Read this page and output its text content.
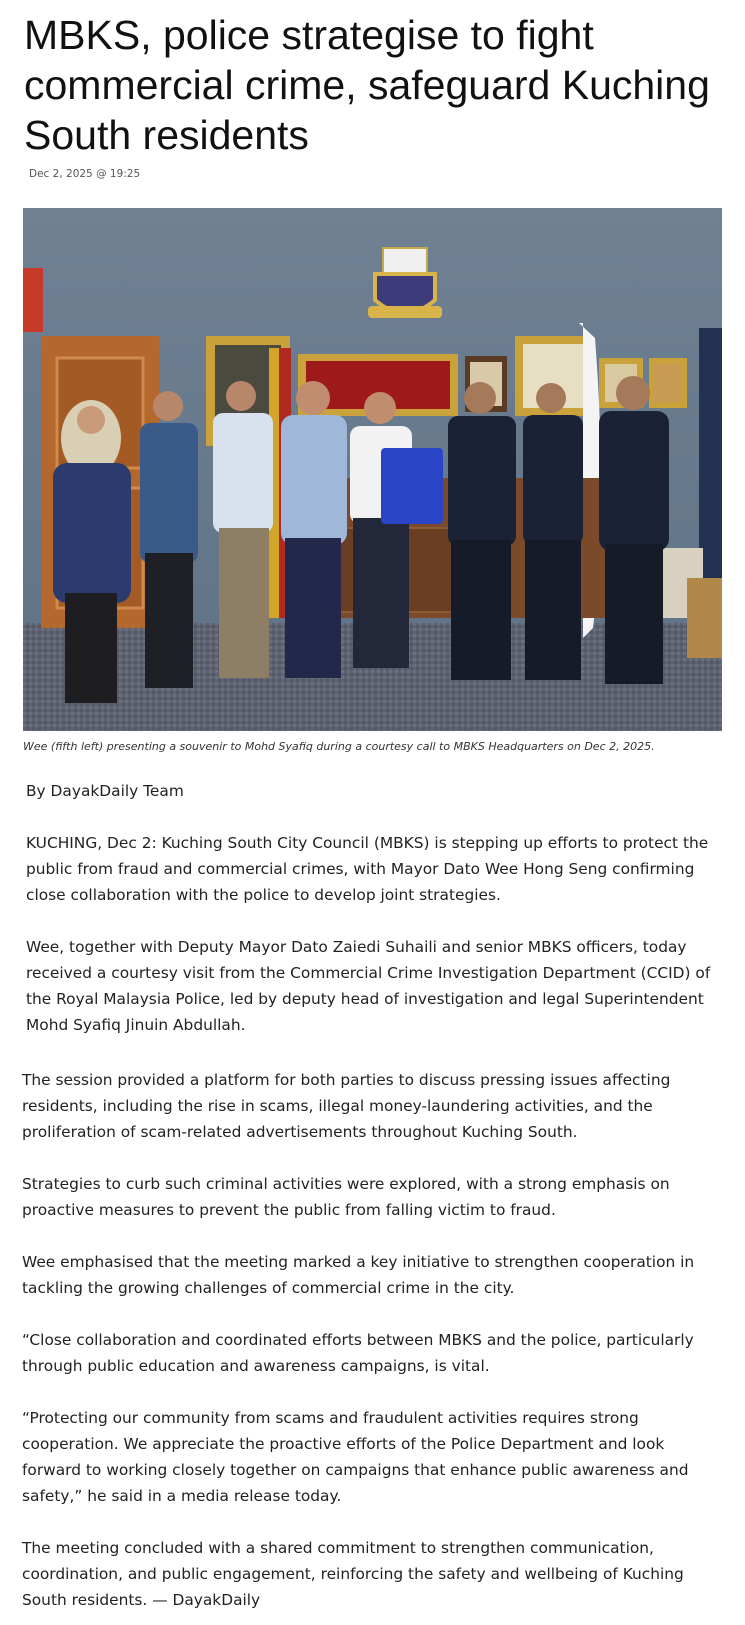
MBKS, police strategise to fight commercial crime, safeguard Kuching South residents
Dec 2, 2025 @ 19:25
Wee (fifth left) presenting a souvenir to Mohd Syafiq during a courtesy call to MBKS Headquarters on Dec 2, 2025.

By DayakDaily Team

KUCHING, Dec 2: Kuching South City Council (MBKS) is stepping up efforts to protect the public from fraud and commercial crimes, with Mayor Dato Wee Hong Seng confirming close collaboration with the police to develop joint strategies.

Wee, together with Deputy Mayor Dato Zaiedi Suhaili and senior MBKS officers, today received a courtesy visit from the Commercial Crime Investigation Department (CCID) of the Royal Malaysia Police, led by deputy head of investigation and legal Superintendent Mohd Syafiq Jinuin Abdullah.

The session provided a platform for both parties to discuss pressing issues affecting residents, including the rise in scams, illegal money-laundering activities, and the proliferation of scam-related advertisements throughout Kuching South.

Strategies to curb such criminal activities were explored, with a strong emphasis on proactive measures to prevent the public from falling victim to fraud.

Wee emphasised that the meeting marked a key initiative to strengthen cooperation in tackling the growing challenges of commercial crime in the city.

“Close collaboration and coordinated efforts between MBKS and the police, particularly through public education and awareness campaigns, is vital.

“Protecting our community from scams and fraudulent activities requires strong cooperation. We appreciate the proactive efforts of the Police Department and look forward to working closely together on campaigns that enhance public awareness and safety,” he said in a media release today.

The meeting concluded with a shared commitment to strengthen communication, coordination, and public engagement, reinforcing the safety and wellbeing of Kuching South residents. — DayakDaily
